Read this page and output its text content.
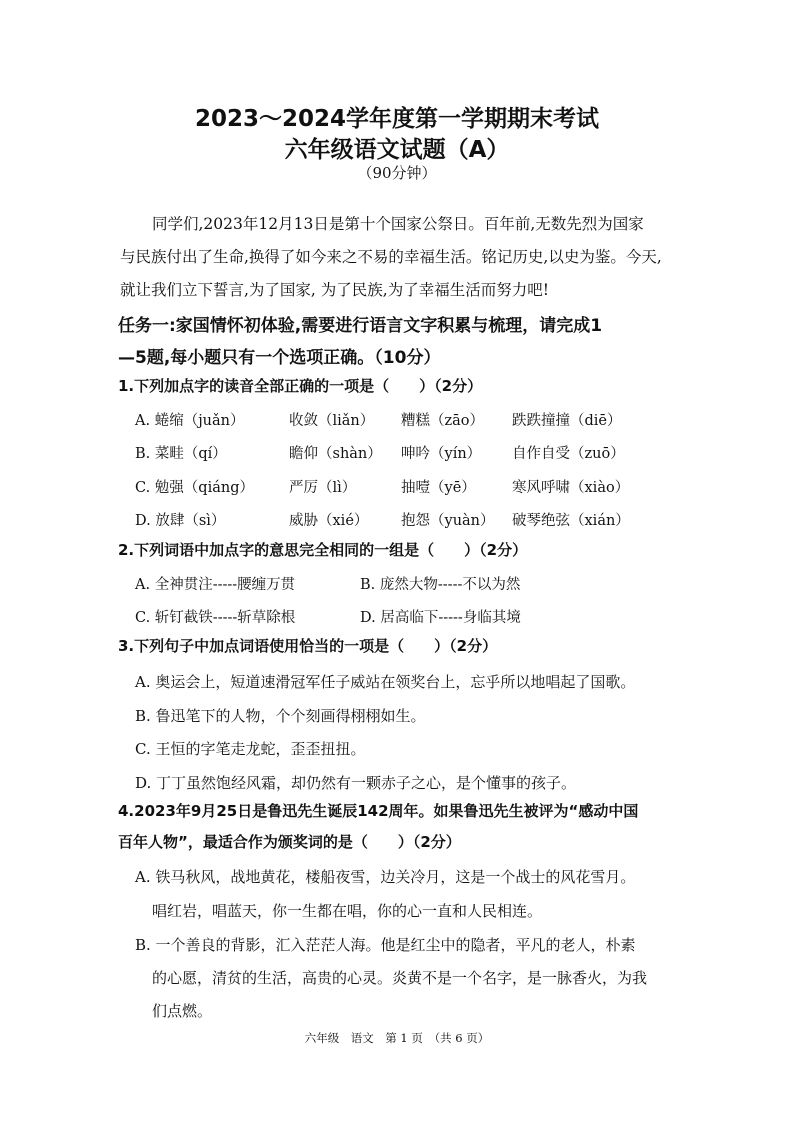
2023～2024学年度第一学期期末考试
六年级语文试题（A）
（90分钟）
同学们,2023年12月13日是第十个国家公祭日。百年前,无数先烈为国家
与民族付出了生命,换得了如今来之不易的幸福生活。铭记历史,以史为鉴。今天,
就让我们立下誓言,为了国家, 为了民族,为了幸福生活而努力吧!
任务一:家国情怀初体验,需要进行语言文字积累与梳理，请完成1
—5题,每小题只有一个选项正确。（10分）
1.下列加点字的读音全部正确的一项是（　　）（2分）
A. 蜷缩（juǎn）	收敛（liǎn） 糟糕（zāo） 跌跌撞撞（diē）
B. 菜畦（qí）	瞻仰（shàn） 呻吟（yín） 自作自受（zuō）
C. 勉强（qiáng） 严厉（lì）	抽噎（yē） 寒风呼啸（xiào）
D. 放肆（sì）	威胁（xié） 抱怨（yuàn） 破琴绝弦（xián）
2.下列词语中加点字的意思完全相同的一组是（　　）（2分）
A. 全神贯注-----腰缠万贯	B. 庞然大物-----不以为然
C. 斩钉截铁-----斩草除根	D. 居高临下-----身临其境
3.下列句子中加点词语使用恰当的一项是（　　）（2分）
A. 奥运会上，短道速滑冠军任子威站在领奖台上，忘乎所以地唱起了国歌。
B. 鲁迅笔下的人物，个个刻画得栩栩如生。
C. 王恒的字笔走龙蛇，歪歪扭扭。
D. 丁丁虽然饱经风霜，却仍然有一颗赤子之心，是个懂事的孩子。
4.2023年9月25日是鲁迅先生诞辰142周年。如果鲁迅先生被评为“感动中国
百年人物”，最适合作为颁奖词的是（　　）（2分）
A. 铁马秋风，战地黄花，楼船夜雪，边关冷月，这是一个战士的风花雪月。
唱红岩，唱蓝天，你一生都在唱，你的心一直和人民相连。
B. 一个善良的背影，汇入茫茫人海。他是红尘中的隐者，平凡的老人，朴素
的心愿，清贫的生活，高贵的心灵。炎黄不是一个名字，是一脉香火，为我
们点燃。
六年级　语文　第 1 页　（共 6 页）
